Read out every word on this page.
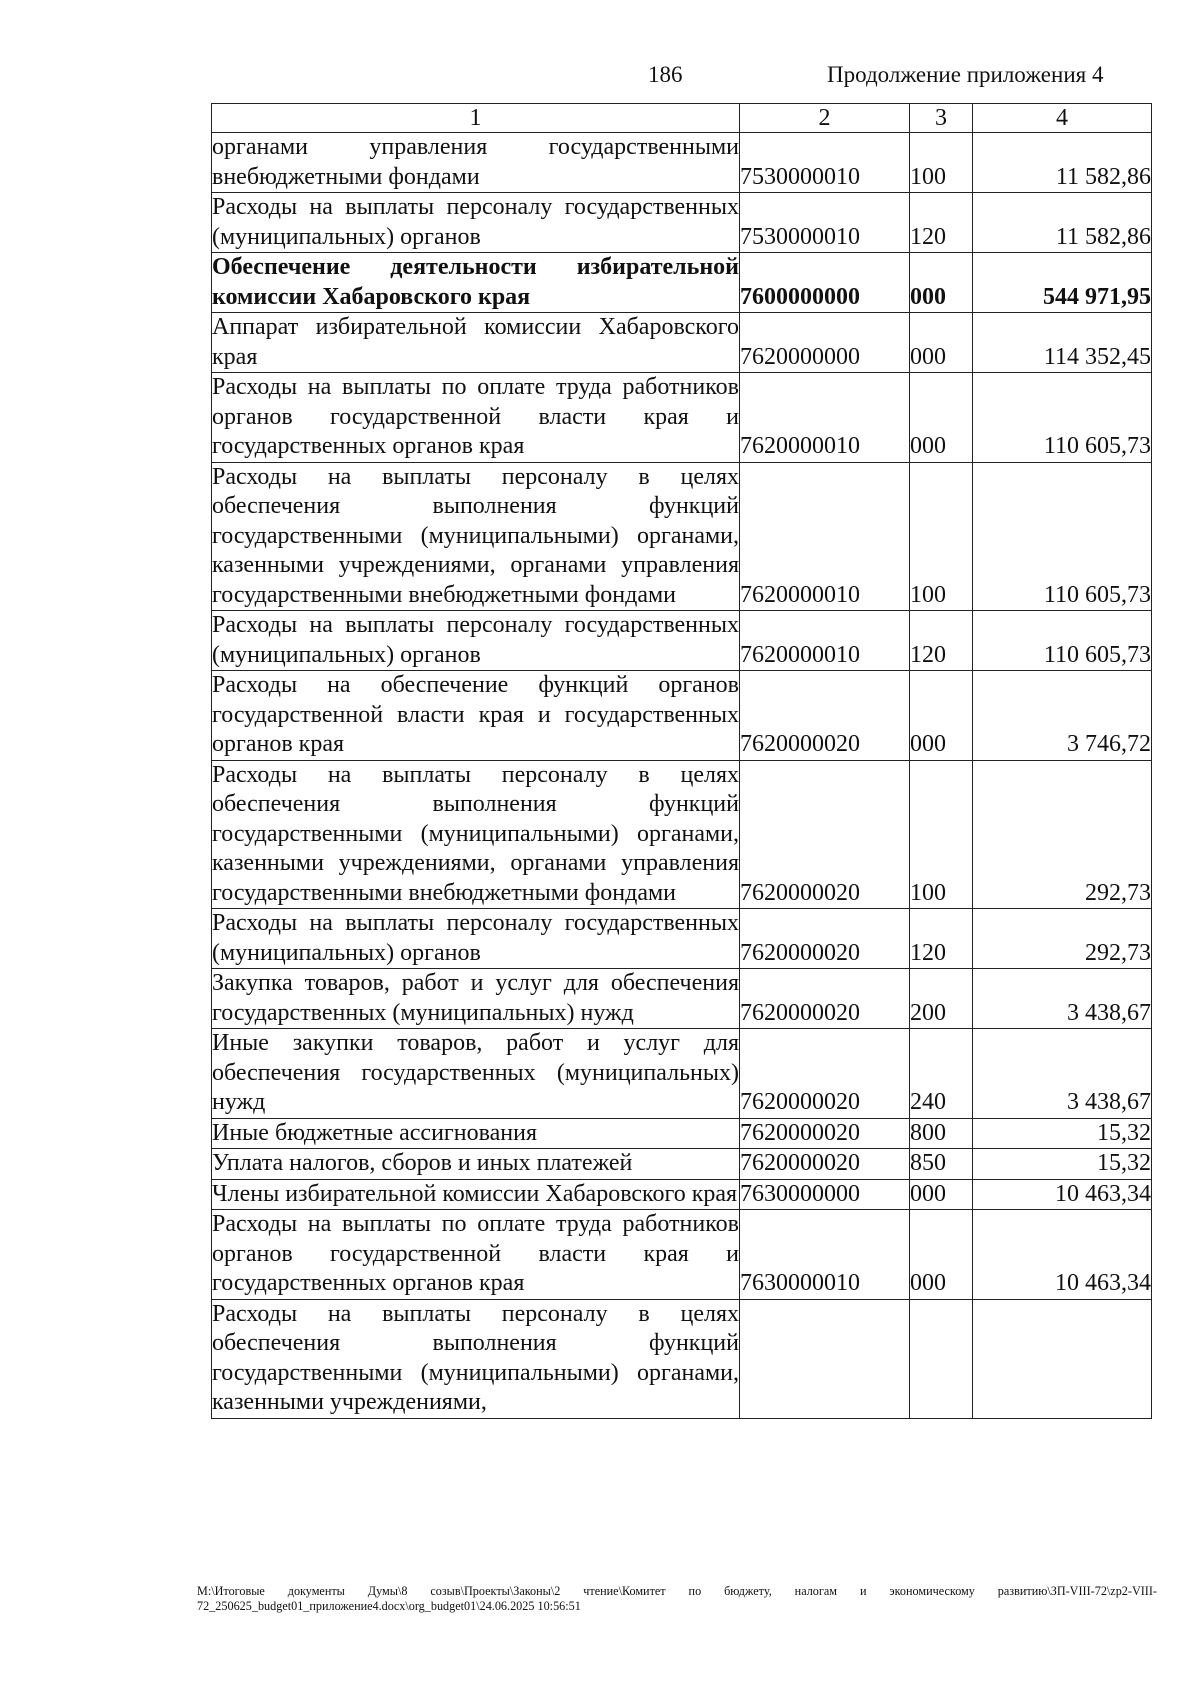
186	Продолжение приложения 4
1	2	3	4
органами управления государственными внебюджетными фондами	7530000010	100	11 582,86
Расходы на выплаты персоналу государственных (муниципальных) органов	7530000010	120	11 582,86
Обеспечение деятельности избирательной комиссии Хабаровского края	7600000000	000	544 971,95
Аппарат избирательной комиссии Хабаровского края	7620000000	000	114 352,45
Расходы на выплаты по оплате труда работников органов государственной власти края и государственных органов края	7620000010	000	110 605,73
Расходы на выплаты персоналу в целях обеспечения выполнения функций государственными (муниципальными) органами, казенными учреждениями, органами управления государственными внебюджетными фондами	7620000010	100	110 605,73
Расходы на выплаты персоналу государственных (муниципальных) органов	7620000010	120	110 605,73
Расходы на обеспечение функций органов государственной власти края и государственных органов края	7620000020	000	3 746,72
Расходы на выплаты персоналу в целях обеспечения выполнения функций государственными (муниципальными) органами, казенными учреждениями, органами управления государственными внебюджетными фондами	7620000020	100	292,73
Расходы на выплаты персоналу государственных (муниципальных) органов	7620000020	120	292,73
Закупка товаров, работ и услуг для обеспечения государственных (муниципальных) нужд	7620000020	200	3 438,67
Иные закупки товаров, работ и услуг для обеспечения государственных (муниципальных) нужд	7620000020	240	3 438,67
Иные бюджетные ассигнования	7620000020	800	15,32
Уплата налогов, сборов и иных платежей	7620000020	850	15,32
Члены избирательной комиссии Хабаровского края	7630000000	000	10 463,34
Расходы на выплаты по оплате труда работников органов государственной власти края и государственных органов края	7630000010	000	10 463,34
Расходы на выплаты персоналу в целях обеспечения выполнения функций государственными (муниципальными) органами, казенными учреждениями,			
M:\Итоговые документы Думы\8 созыв\Проекты\Законы\2 чтение\Комитет по бюджету, налогам и экономическому развитию\ЗП-VIII-72\zp2-VIII-72_250625_budget01_приложение4.docx\org_budget01\24.06.2025 10:56:51
